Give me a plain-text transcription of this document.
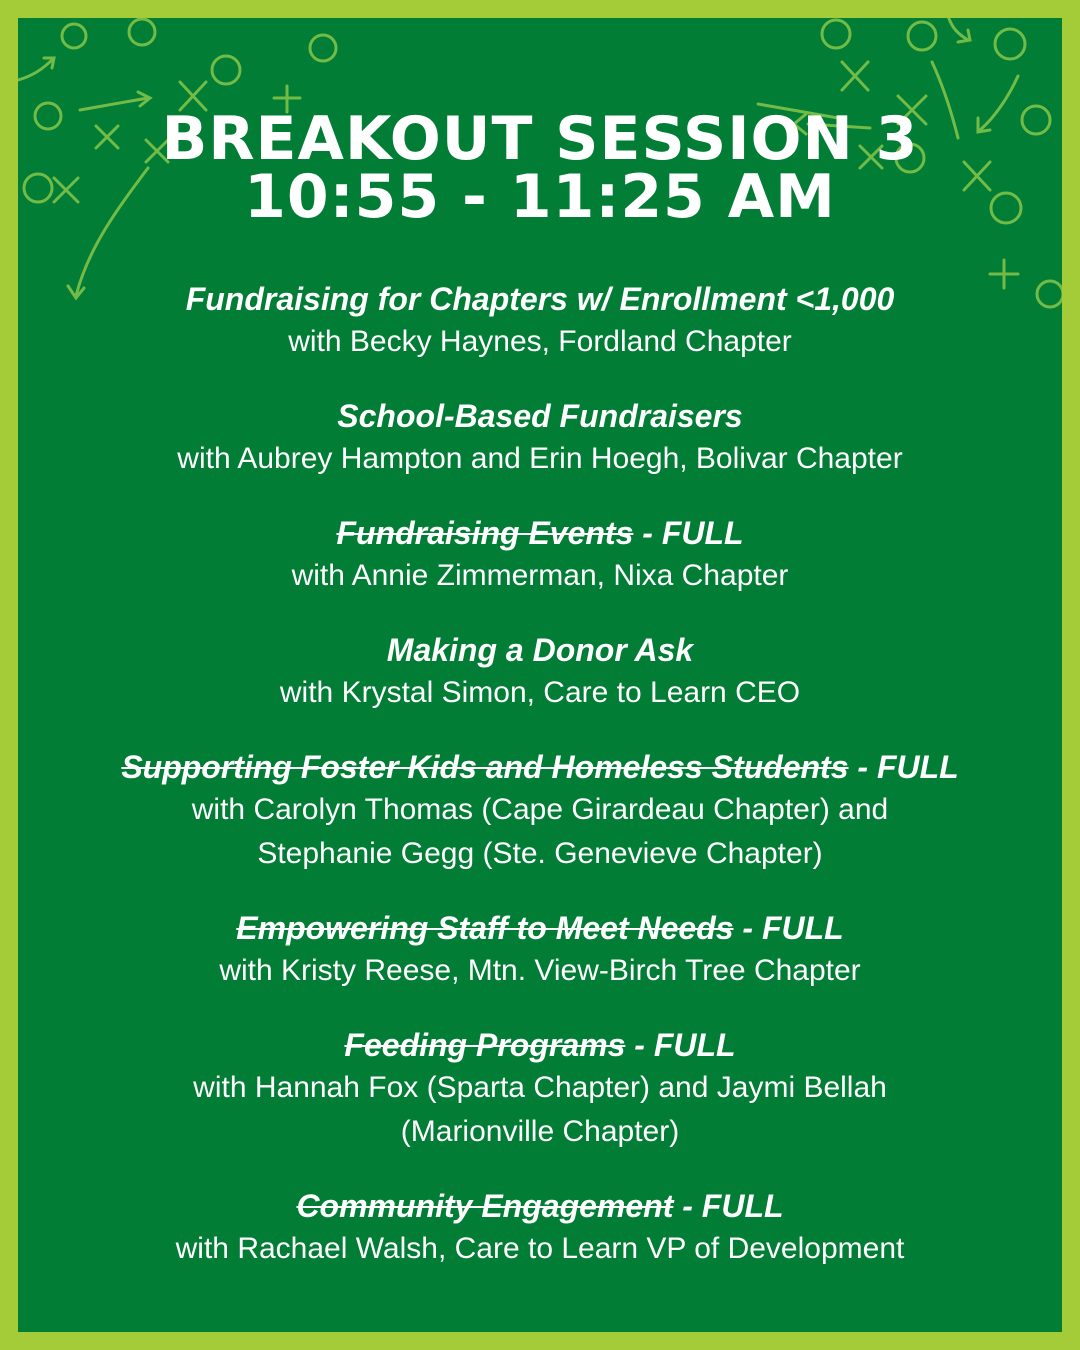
BREAKOUT SESSION 3
10:55 - 11:25 AM
Fundraising for Chapters w/ Enrollment <1,000
with Becky Haynes, Fordland Chapter
School-Based Fundraisers
with Aubrey Hampton and Erin Hoegh, Bolivar Chapter
Fundraising Events - FULL
with Annie Zimmerman, Nixa Chapter
Making a Donor Ask
with Krystal Simon, Care to Learn CEO
Supporting Foster Kids and Homeless Students - FULL
with Carolyn Thomas (Cape Girardeau Chapter) and
Stephanie Gegg (Ste. Genevieve Chapter)
Empowering Staff to Meet Needs - FULL
with Kristy Reese, Mtn. View-Birch Tree Chapter
Feeding Programs - FULL
with Hannah Fox (Sparta Chapter) and Jaymi Bellah
(Marionville Chapter)
Community Engagement - FULL
with Rachael Walsh, Care to Learn VP of Development
